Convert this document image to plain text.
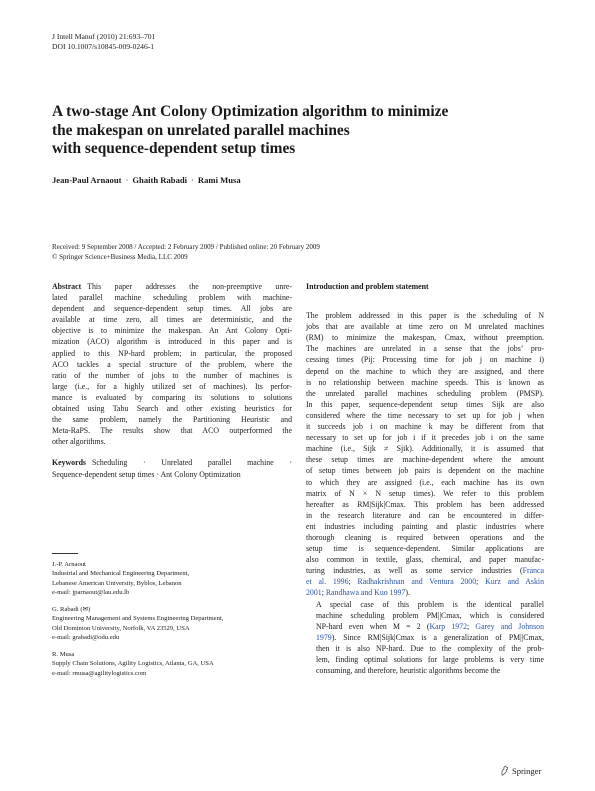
J Intell Manuf (2010) 21:693–701
DOI 10.1007/s10845-009-0246-1
A two-stage Ant Colony Optimization algorithm to minimize
the makespan on unrelated parallel machines
with sequence-dependent setup times
Jean-Paul Arnaout · Ghaith Rabadi · Rami Musa
Received: 9 September 2008 / Accepted: 2 February 2009 / Published online: 20 February 2009
© Springer Science+Business Media, LLC 2009
Abstract This paper addresses the non-preemptive unre-
lated parallel machine scheduling problem with machine-
dependent and sequence-dependent setup times. All jobs are
available at time zero, all times are deterministic, and the
objective is to minimize the makespan. An Ant Colony Opti-
mization (ACO) algorithm is introduced in this paper and is
applied to this NP-hard problem; in particular, the proposed
ACO tackles a special structure of the problem, where the
ratio of the number of jobs to the number of machines is
large (i.e., for a highly utilized set of machines). Its perfor-
mance is evaluated by comparing its solutions to solutions
obtained using Tabu Search and other existing heuristics for
the same problem, namely the Partitioning Heuristic and
Meta-RaPS. The results show that ACO outperformed the
other algorithms.
Keywords Scheduling · Unrelated parallel machine ·
Sequence-dependent setup times · Ant Colony Optimization
J.-P. Arnaout
Industrial and Mechanical Engineering Department,
Lebanese American University, Byblos, Lebanon
e-mail: jparnaout@lau.edu.lb
G. Rabadi (✉)
Engineering Management and Systems Engineering Department,
Old Dominion University, Norfolk, VA 23529, USA
e-mail: grabadi@odu.edu
R. Musa
Supply Chain Solutions, Agility Logistics, Atlanta, GA, USA
e-mail: rmusa@agilitylogistics.com
Introduction and problem statement
The problem addressed in this paper is the scheduling of N
jobs that are available at time zero on M unrelated machines
(RM) to minimize the makespan, Cmax, without preemption.
The machines are unrelated in a sense that the jobs’ pro-
cessing times (Pij: Processing time for job j on machine i)
depend on the machine to which they are assigned, and there
is no relationship between machine speeds. This is known as
the unrelated parallel machines scheduling problem (PMSP).
In this paper, sequence-dependent setup times Sijk are also
considered where the time necessary to set up for job j when
it succeeds job i on machine k may be different from that
necessary to set up for job i if it precedes job i on the same
machine (i.e., Sijk ≠ Sjik). Additionally, it is assumed that
these setup times are machine-dependent where the amount
of setup times between job pairs is dependent on the machine
to which they are assigned (i.e., each machine has its own
matrix of N × N setup times). We refer to this problem
hereafter as RM|Sijk|Cmax. This problem has been addressed
in the research literature and can be encountered in differ-
ent industries including painting and plastic industries where
thorough cleaning is required between operations and the
setup time is sequence-dependent. Similar applications are
also common in textile, glass, chemical, and paper manufac-
turing industries, as well as some service industries (Franca
et al. 1996; Radhakrishnan and Ventura 2000; Kurz and Askin
2001; Randhawa and Kuo 1997).
A special case of this problem is the identical parallel
machine scheduling problem PM||Cmax, which is considered
NP-hard even when M = 2 (Karp 1972; Garey and Johnson
1979). Since RM|Sijk|Cmax is a generalization of PM||Cmax,
then it is also NP-hard. Due to the complexity of the prob-
lem, finding optimal solutions for large problems is very time
consuming, and therefore, heuristic algorithms become the
Springer
